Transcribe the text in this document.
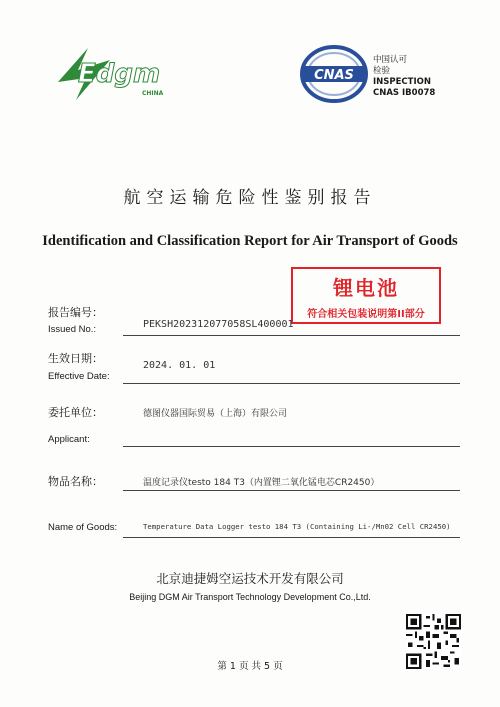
Edgm
CHINA
CNAS
中国认可
检验
INSPECTION
CNAS IB0078
航空运输危险性鉴别报告
Identification and Classification Report for Air Transport of Goods
锂电池
符合相关包装说明第II部分
报告编号：
Issued No.:	PEKSH202312077058SL400001
生效日期：
Effective Date:
2024. 01. 01
委托单位：	德图仪器国际贸易（上海）有限公司
Applicant:
物品名称：	温度记录仪testo 184 T3（内置锂二氧化锰电芯CR2450）
Name of Goods:	Temperature Data Logger testo 184 T3 (Containing Li-/Mn02 Cell CR2450)
北京迪捷姆空运技术开发有限公司
Beijing DGM Air Transport Technology Development Co.,Ltd.
第 1 页 共 5 页
